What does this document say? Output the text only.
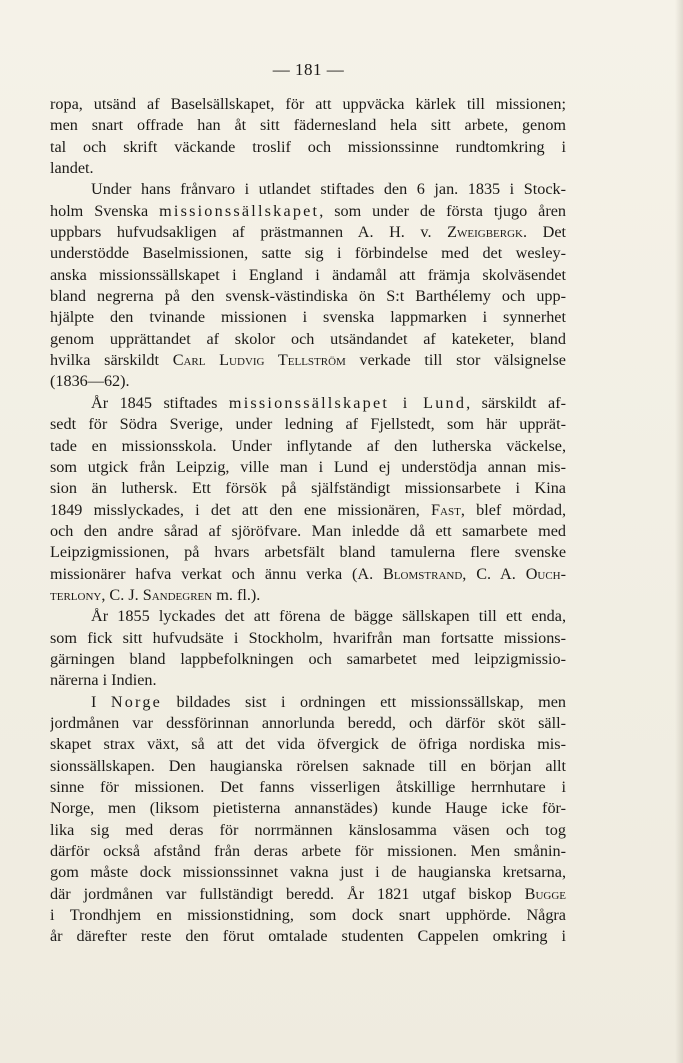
— 181 —
ropa, utsänd af Baselsällskapet, för att uppväcka kärlek till missionen;
men snart offrade han åt sitt fädernesland hela sitt arbete, genom
tal och skrift väckande troslif och missionssinne rundtomkring i
landet.
Under hans frånvaro i utlandet stiftades den 6 jan. 1835 i Stock-
holm Svenska missionssällskapet, som under de första tjugo åren
uppbars hufvudsakligen af prästmannen A. H. v. Zweigbergk. Det
understödde Baselmissionen, satte sig i förbindelse med det wesley-
anska missionssällskapet i England i ändamål att främja skolväsendet
bland negrerna på den svensk-västindiska ön S:t Barthélemy och upp-
hjälpte den tvinande missionen i svenska lappmarken i synnerhet
genom upprättandet af skolor och utsändandet af kateketer, bland
hvilka särskildt Carl Ludvig Tellström verkade till stor välsignelse
(1836—62).
År 1845 stiftades missionssällskapet i Lund, särskildt af-
sedt för Södra Sverige, under ledning af Fjellstedt, som här upprät-
tade en missionsskola. Under inflytande af den lutherska väckelse,
som utgick från Leipzig, ville man i Lund ej understödja annan mis-
sion än luthersk. Ett försök på själfständigt missionsarbete i Kina
1849 misslyckades, i det att den ene missionären, Fast, blef mördad,
och den andre sårad af sjöröfvare. Man inledde då ett samarbete med
Leipzigmissionen, på hvars arbetsfält bland tamulerna flere svenske
missionärer hafva verkat och ännu verka (A. Blomstrand, C. A. Ouch-
terlony, C. J. Sandegren m. fl.).
År 1855 lyckades det att förena de bägge sällskapen till ett enda,
som fick sitt hufvudsäte i Stockholm, hvarifrån man fortsatte missions-
gärningen bland lappbefolkningen och samarbetet med leipzigmissio-
närerna i Indien.
I Norge bildades sist i ordningen ett missionssällskap, men
jordmånen var dessförinnan annorlunda beredd, och därför sköt säll-
skapet strax växt, så att det vida öfvergick de öfriga nordiska mis-
sionssällskapen. Den haugianska rörelsen saknade till en början allt
sinne för missionen. Det fanns visserligen åtskillige herrnhutare i
Norge, men (liksom pietisterna annanstädes) kunde Hauge icke för-
lika sig med deras för norrmännen känslosamma väsen och tog
därför också afstånd från deras arbete för missionen. Men smånin-
gom måste dock missionssinnet vakna just i de haugianska kretsarna,
där jordmånen var fullständigt beredd. År 1821 utgaf biskop Bugge
i Trondhjem en missionstidning, som dock snart upphörde. Några
år därefter reste den förut omtalade studenten Cappelen omkring i
